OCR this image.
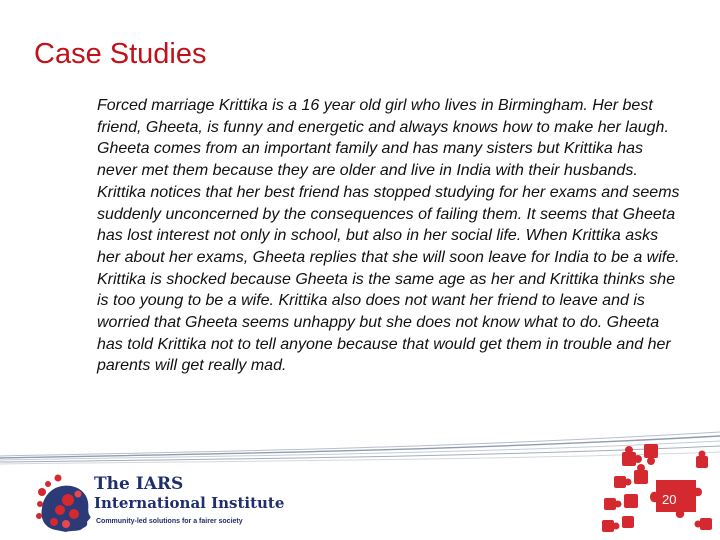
Case Studies

Forced marriage Krittika is a 16 year old girl who lives in Birmingham. Her best friend, Gheeta, is funny and energetic and always knows how to make her laugh. Gheeta comes from an important family and has many sisters but Krittika has never met them because they are older and live in India with their husbands. Krittika notices that her best friend has stopped studying for her exams and seems suddenly unconcerned by the consequences of failing them. It seems that Gheeta has lost interest not only in school, but also in her social life. When Krittika asks her about her exams, Gheeta replies that she will soon leave for India to be a wife. Krittika is shocked because Gheeta is the same age as her and Krittika thinks she is too young to be a wife. Krittika also does not want her friend to leave and is worried that Gheeta seems unhappy but she does not know what to do. Gheeta has told Krittika not to tell anyone because that would get them in trouble and her parents will get really mad.

The IARS
International Institute
Community-led solutions for a fairer society
20
